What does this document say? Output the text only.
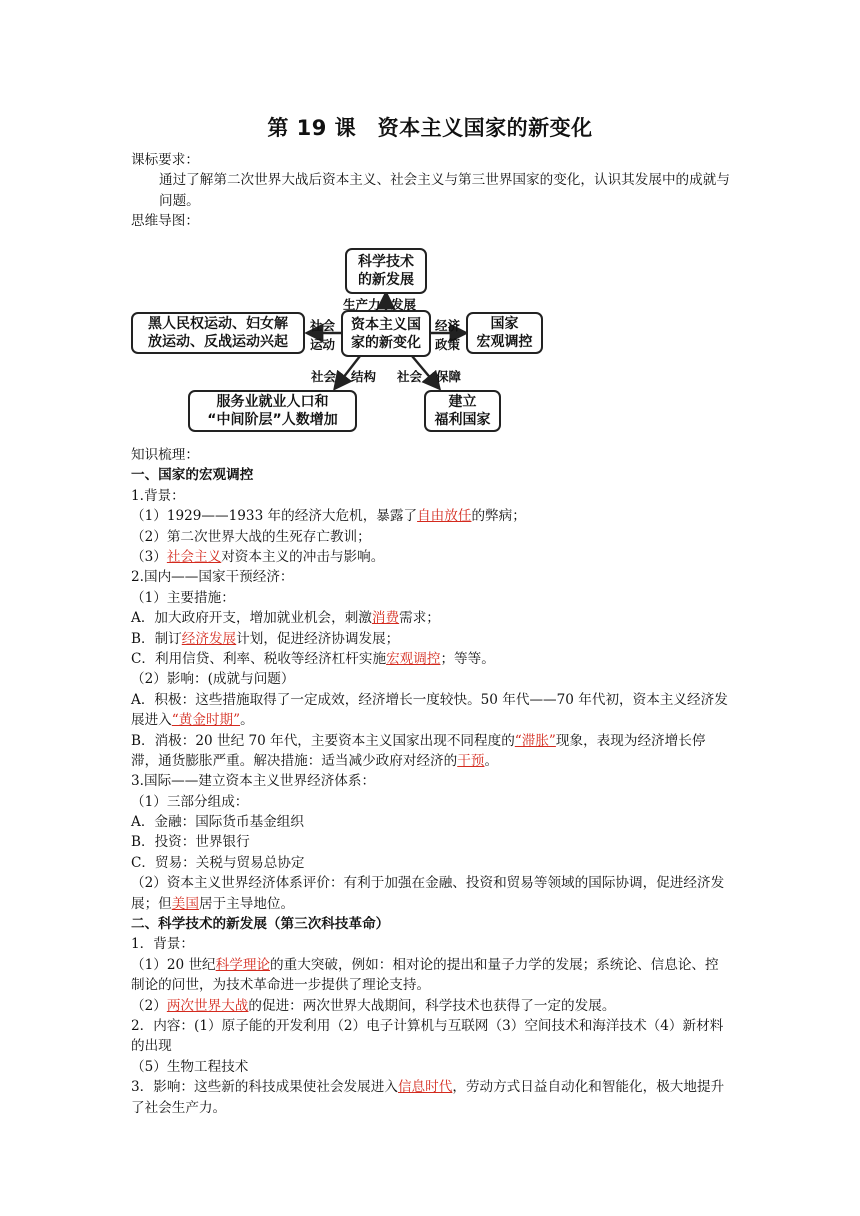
第 19 课　资本主义国家的新变化
课标要求：
通过了解第二次世界大战后资本主义、社会主义与第三世界国家的变化，认识其发展中的成就与问题。
思维导图：
科学技术
的新发展
资本主义国
家的新变化
黑人民权运动、妇女解
放运动、反战运动兴起
国家
宏观调控
服务业就业人口和
“中间阶层”人数增加
建立
福利国家
生产力 发展
社会
运动
经济
政策
社会 结构 社会 保障
知识梳理：
一、国家的宏观调控
1.背景：
（1）1929——1933 年的经济大危机，暴露了自由放任的弊病；
（2）第二次世界大战的生死存亡教训；
（3）社会主义对资本主义的冲击与影响。
2.国内——国家干预经济：
（1）主要措施：
A．加大政府开支，增加就业机会，刺激消费需求；
B．制订经济发展计划，促进经济协调发展；
C．利用信贷、利率、税收等经济杠杆实施宏观调控；等等。
（2）影响：(成就与问题）
A．积极：这些措施取得了一定成效，经济增长一度较快。50 年代——70 年代初，资本主义经济发展进入“黄金时期”。
B．消极：20 世纪 70 年代，主要资本主义国家出现不同程度的“滞胀”现象，表现为经济增长停滞，通货膨胀严重。解决措施：适当减少政府对经济的干预。
3.国际——建立资本主义世界经济体系：
（1）三部分组成：
A．金融：国际货币基金组织
B．投资：世界银行
C．贸易：关税与贸易总协定
（2）资本主义世界经济体系评价：有利于加强在金融、投资和贸易等领域的国际协调，促进经济发展；但美国居于主导地位。
二、科学技术的新发展（第三次科技革命）
1．背景：
（1）20 世纪科学理论的重大突破，例如：相对论的提出和量子力学的发展；系统论、信息论、控制论的问世，为技术革命进一步提供了理论支持。
（2）两次世界大战的促进：两次世界大战期间，科学技术也获得了一定的发展。
2．内容：(1）原子能的开发利用（2）电子计算机与互联网（3）空间技术和海洋技术（4）新材料的出现
（5）生物工程技术
3．影响：这些新的科技成果使社会发展进入信息时代，劳动方式日益自动化和智能化，极大地提升了社会生产力。
